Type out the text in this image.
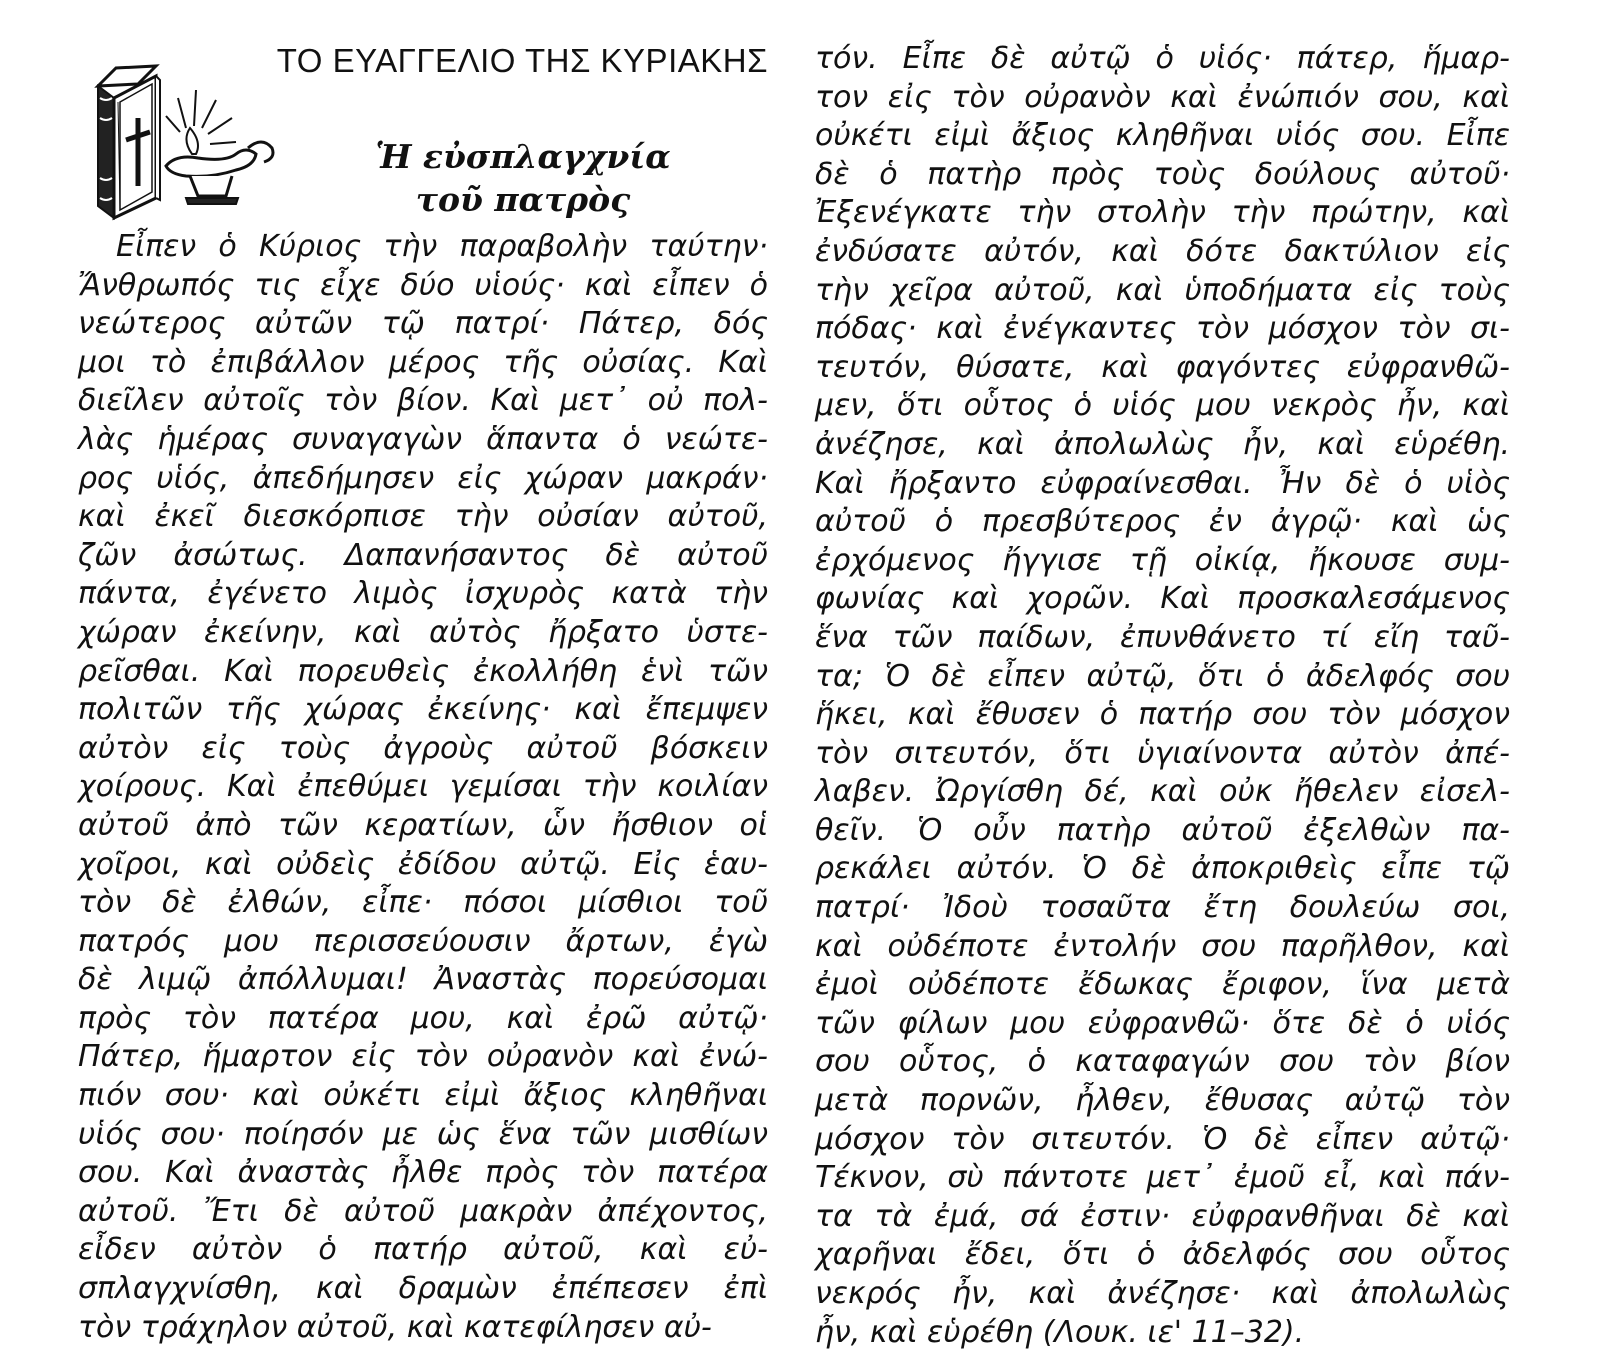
ΤΟ ΕΥΑΓΓΕΛΙΟ ΤΗΣ ΚΥΡΙΑΚΗΣ
Ἡ εὐσπλαγχνία
τοῦ πατρὸς
Εἶπεν ὁ Κύριος τὴν παραβολὴν ταύτην·
Ἄνθρωπός τις εἶχε δύο υἱούς· καὶ εἶπεν ὁ
νεώτερος αὐτῶν τῷ πατρί· Πάτερ, δός
μοι τὸ ἐπιβάλλον μέρος τῆς οὐσίας. Καὶ
διεῖλεν αὐτοῖς τὸν βίον. Καὶ μετ᾽ οὐ πολ-
λὰς ἡμέρας συναγαγὼν ἅπαντα ὁ νεώτε-
ρος υἱός, ἀπεδήμησεν εἰς χώραν μακράν·
καὶ ἐκεῖ διεσκόρπισε τὴν οὐσίαν αὐτοῦ,
ζῶν ἀσώτως. Δαπανήσαντος δὲ αὐτοῦ
πάντα, ἐγένετο λιμὸς ἰσχυρὸς κατὰ τὴν
χώραν ἐκείνην, καὶ αὐτὸς ἤρξατο ὑστε-
ρεῖσθαι. Καὶ πορευθεὶς ἐκολλήθη ἑνὶ τῶν
πολιτῶν τῆς χώρας ἐκείνης· καὶ ἔπεμψεν
αὐτὸν εἰς τοὺς ἀγροὺς αὐτοῦ βόσκειν
χοίρους. Καὶ ἐπεθύμει γεμίσαι τὴν κοιλίαν
αὐτοῦ ἀπὸ τῶν κερατίων, ὧν ἤσθιον οἱ
χοῖροι, καὶ οὐδεὶς ἐδίδου αὐτῷ. Εἰς ἑαυ-
τὸν δὲ ἐλθών, εἶπε· πόσοι μίσθιοι τοῦ
πατρός μου περισσεύουσιν ἄρτων, ἐγὼ
δὲ λιμῷ ἀπόλλυμαι! Ἀναστὰς πορεύσομαι
πρὸς τὸν πατέρα μου, καὶ ἐρῶ αὐτῷ·
Πάτερ, ἥμαρτον εἰς τὸν οὐρανὸν καὶ ἐνώ-
πιόν σου· καὶ οὐκέτι εἰμὶ ἄξιος κληθῆναι
υἱός σου· ποίησόν με ὡς ἕνα τῶν μισθίων
σου. Καὶ ἀναστὰς ἦλθε πρὸς τὸν πατέρα
αὐτοῦ. Ἔτι δὲ αὐτοῦ μακρὰν ἀπέχοντος,
εἶδεν αὐτὸν ὁ πατήρ αὐτοῦ, καὶ εὐ-
σπλαγχνίσθη, καὶ δραμὼν ἐπέπεσεν ἐπὶ
τὸν τράχηλον αὐτοῦ, καὶ κατεφίλησεν αὐ-
τόν. Εἶπε δὲ αὐτῷ ὁ υἱός· πάτερ, ἥμαρ-
τον εἰς τὸν οὐρανὸν καὶ ἐνώπιόν σου, καὶ
οὐκέτι εἰμὶ ἄξιος κληθῆναι υἱός σου. Εἶπε
δὲ ὁ πατὴρ πρὸς τοὺς δούλους αὐτοῦ·
Ἐξενέγκατε τὴν στολὴν τὴν πρώτην, καὶ
ἐνδύσατε αὐτόν, καὶ δότε δακτύλιον εἰς
τὴν χεῖρα αὐτοῦ, καὶ ὑποδήματα εἰς τοὺς
πόδας· καὶ ἐνέγκαντες τὸν μόσχον τὸν σι-
τευτόν, θύσατε, καὶ φαγόντες εὐφρανθῶ-
μεν, ὅτι οὗτος ὁ υἱός μου νεκρὸς ἦν, καὶ
ἀνέζησε, καὶ ἀπολωλὼς ἦν, καὶ εὑρέθη.
Καὶ ἤρξαντο εὐφραίνεσθαι. Ἦν δὲ ὁ υἱὸς
αὐτοῦ ὁ πρεσβύτερος ἐν ἀγρῷ· καὶ ὡς
ἐρχόμενος ἤγγισε τῇ οἰκίᾳ, ἤκουσε συμ-
φωνίας καὶ χορῶν. Καὶ προσκαλεσάμενος
ἕνα τῶν παίδων, ἐπυνθάνετο τί εἴη ταῦ-
τα; Ὁ δὲ εἶπεν αὐτῷ, ὅτι ὁ ἀδελφός σου
ἥκει, καὶ ἔθυσεν ὁ πατήρ σου τὸν μόσχον
τὸν σιτευτόν, ὅτι ὑγιαίνοντα αὐτὸν ἀπέ-
λαβεν. Ὠργίσθη δέ, καὶ οὐκ ἤθελεν εἰσελ-
θεῖν. Ὁ οὖν πατὴρ αὐτοῦ ἐξελθὼν πα-
ρεκάλει αὐτόν. Ὁ δὲ ἀποκριθεὶς εἶπε τῷ
πατρί· Ἰδοὺ τοσαῦτα ἔτη δουλεύω σοι,
καὶ οὐδέποτε ἐντολήν σου παρῆλθον, καὶ
ἐμοὶ οὐδέποτε ἔδωκας ἔριφον, ἵνα μετὰ
τῶν φίλων μου εὐφρανθῶ· ὅτε δὲ ὁ υἱός
σου οὗτος, ὁ καταφαγών σου τὸν βίον
μετὰ πορνῶν, ἦλθεν, ἔθυσας αὐτῷ τὸν
μόσχον τὸν σιτευτόν. Ὁ δὲ εἶπεν αὐτῷ·
Τέκνον, σὺ πάντοτε μετ᾽ ἐμοῦ εἶ, καὶ πάν-
τα τὰ ἐμά, σά ἐστιν· εὐφρανθῆναι δὲ καὶ
χαρῆναι ἔδει, ὅτι ὁ ἀδελφός σου οὗτος
νεκρός ἦν, καὶ ἀνέζησε· καὶ ἀπολωλὼς
ἦν, καὶ εὑρέθη (Λουκ. ιε' 11–32).
